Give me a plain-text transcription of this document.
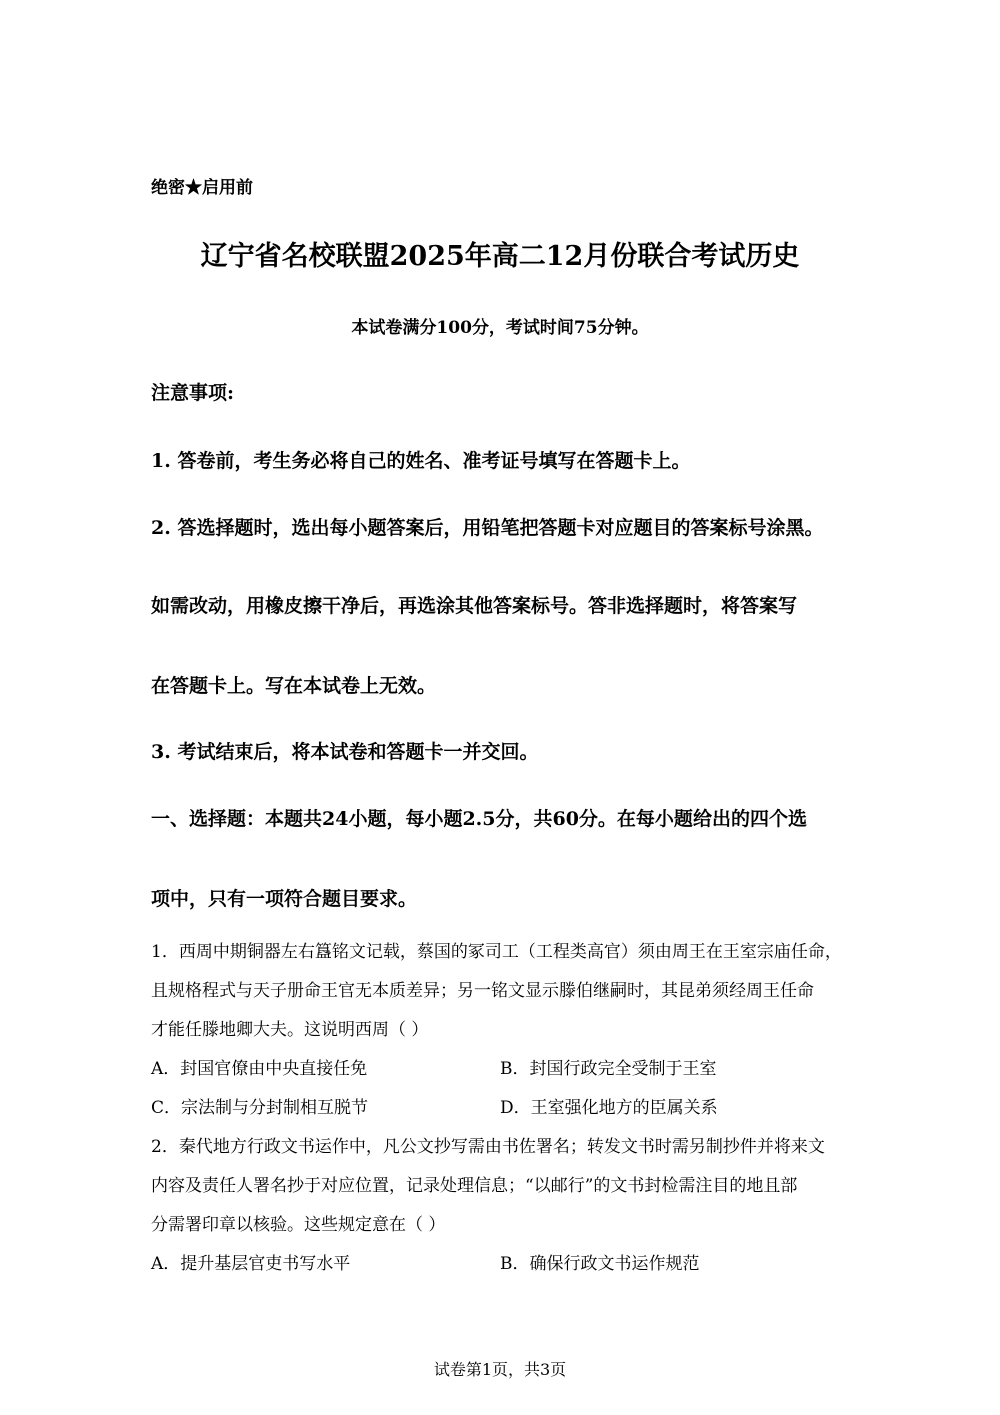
绝密★启用前
辽宁省名校联盟2025年高二12月份联合考试历史
本试卷满分100分，考试时间75分钟。
注意事项:
1. 答卷前，考生务必将自己的姓名、准考证号填写在答题卡上。
2. 答选择题时，选出每小题答案后，用铅笔把答题卡对应题目的答案标号涂黑。
如需改动，用橡皮擦干净后，再选涂其他答案标号。答非选择题时，将答案写
在答题卡上。写在本试卷上无效。
3. 考试结束后，将本试卷和答题卡一并交回。
一、选择题：本题共24小题，每小题2.5分，共60分。在每小题给出的四个选
项中，只有一项符合题目要求。
1．西周中期铜器左右簋铭文记载，蔡国的冢司工（工程类高官）须由周王在王室宗庙任命，
且规格程式与天子册命王官无本质差异；另一铭文显示滕伯继嗣时，其昆弟须经周王任命
才能任滕地卿大夫。这说明西周（ ）
A．封国官僚由中央直接任免	B．封国行政完全受制于王室
C．宗法制与分封制相互脱节	D．王室强化地方的臣属关系
2．秦代地方行政文书运作中，凡公文抄写需由书佐署名；转发文书时需另制抄件并将来文
内容及责任人署名抄于对应位置，记录处理信息；“以邮行”的文书封检需注目的地且部
分需署印章以核验。这些规定意在（ ）
A．提升基层官吏书写水平	B．确保行政文书运作规范
试卷第1页，共3页
